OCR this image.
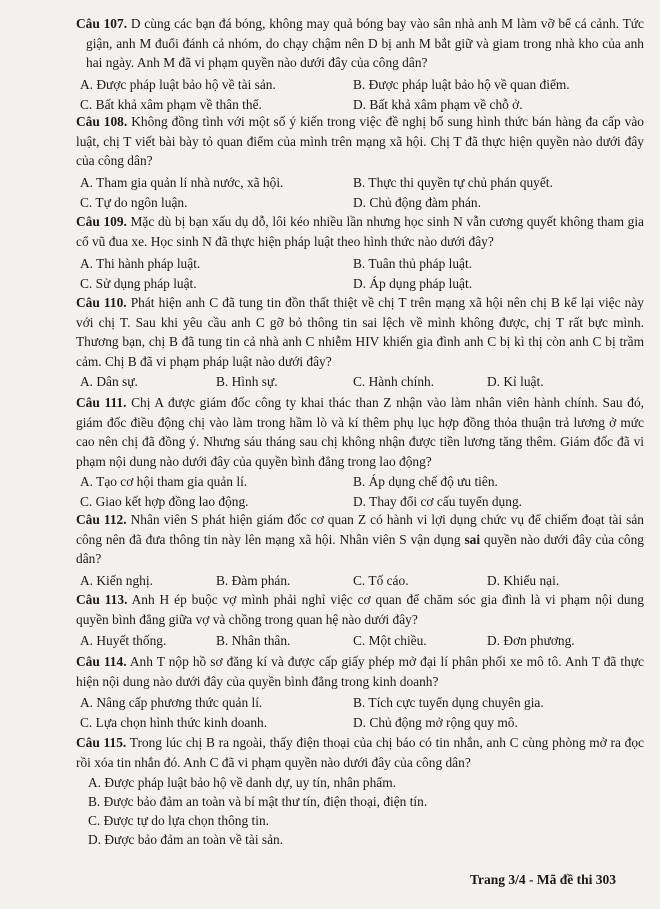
Câu 107. D cùng các bạn đá bóng, không may quả bóng bay vào sân nhà anh M làm vỡ bể cá cảnh. Tức giận, anh M đuổi đánh cả nhóm, do chạy chậm nên D bị anh M bắt giữ và giam trong nhà kho của anh hai ngày. Anh M đã vi phạm quyền nào dưới đây của công dân?
A. Được pháp luật bảo hộ về tài sản.	B. Được pháp luật bảo hộ về quan điểm.
C. Bất khả xâm phạm về thân thể.	D. Bất khả xâm phạm về chỗ ở.
Câu 108. Không đồng tình với một số ý kiến trong việc đề nghị bổ sung hình thức bán hàng đa cấp vào luật, chị T viết bài bày tỏ quan điểm của mình trên mạng xã hội. Chị T đã thực hiện quyền nào dưới đây của công dân?
A. Tham gia quản lí nhà nước, xã hội.	B. Thực thi quyền tự chủ phán quyết.
C. Tự do ngôn luận.	D. Chủ động đàm phán.
Câu 109. Mặc dù bị bạn xấu dụ dỗ, lôi kéo nhiều lần nhưng học sinh N vẫn cương quyết không tham gia cổ vũ đua xe. Học sinh N đã thực hiện pháp luật theo hình thức nào dưới đây?
A. Thi hành pháp luật.	B. Tuân thủ pháp luật.
C. Sử dụng pháp luật.	D. Áp dụng pháp luật.
Câu 110. Phát hiện anh C đã tung tin đồn thất thiệt về chị T trên mạng xã hội nên chị B kể lại việc này với chị T. Sau khi yêu cầu anh C gỡ bỏ thông tin sai lệch về mình không được, chị T rất bực mình. Thương bạn, chị B đã tung tin cả nhà anh C nhiễm HIV khiến gia đình anh C bị kì thị còn anh C bị trầm cảm. Chị B đã vi phạm pháp luật nào dưới đây?
A. Dân sự.	B. Hình sự.	C. Hành chính.	D. Kỉ luật.
Câu 111. Chị A được giám đốc công ty khai thác than Z nhận vào làm nhân viên hành chính. Sau đó, giám đốc điều động chị vào làm trong hầm lò và kí thêm phụ lục hợp đồng thỏa thuận trả lương ở mức cao nên chị đã đồng ý. Nhưng sáu tháng sau chị không nhận được tiền lương tăng thêm. Giám đốc đã vi phạm nội dung nào dưới đây của quyền bình đẳng trong lao động?
A. Tạo cơ hội tham gia quản lí.	B. Áp dụng chế độ ưu tiên.
C. Giao kết hợp đồng lao động.	D. Thay đổi cơ cấu tuyển dụng.
Câu 112. Nhân viên S phát hiện giám đốc cơ quan Z có hành vi lợi dụng chức vụ để chiếm đoạt tài sản công nên đã đưa thông tin này lên mạng xã hội. Nhân viên S vận dụng sai quyền nào dưới đây của công dân?
A. Kiến nghị.	B. Đàm phán.	C. Tố cáo.	D. Khiếu nại.
Câu 113. Anh H ép buộc vợ mình phải nghỉ việc cơ quan để chăm sóc gia đình là vi phạm nội dung quyền bình đẳng giữa vợ và chồng trong quan hệ nào dưới đây?
A. Huyết thống.	B. Nhân thân.	C. Một chiều.	D. Đơn phương.
Câu 114. Anh T nộp hồ sơ đăng kí và được cấp giấy phép mở đại lí phân phối xe mô tô. Anh T đã thực hiện nội dung nào dưới đây của quyền bình đẳng trong kinh doanh?
A. Nâng cấp phương thức quản lí.	B. Tích cực tuyển dụng chuyên gia.
C. Lựa chọn hình thức kinh doanh.	D. Chủ động mở rộng quy mô.
Câu 115. Trong lúc chị B ra ngoài, thấy điện thoại của chị báo có tin nhắn, anh C cùng phòng mở ra đọc rồi xóa tin nhắn đó. Anh C đã vi phạm quyền nào dưới đây của công dân?
A. Được pháp luật bảo hộ về danh dự, uy tín, nhân phẩm.
B. Được bảo đảm an toàn và bí mật thư tín, điện thoại, điện tín.
C. Được tự do lựa chọn thông tin.
D. Được bảo đảm an toàn về tài sản.
Trang 3/4 - Mã đề thi 303
